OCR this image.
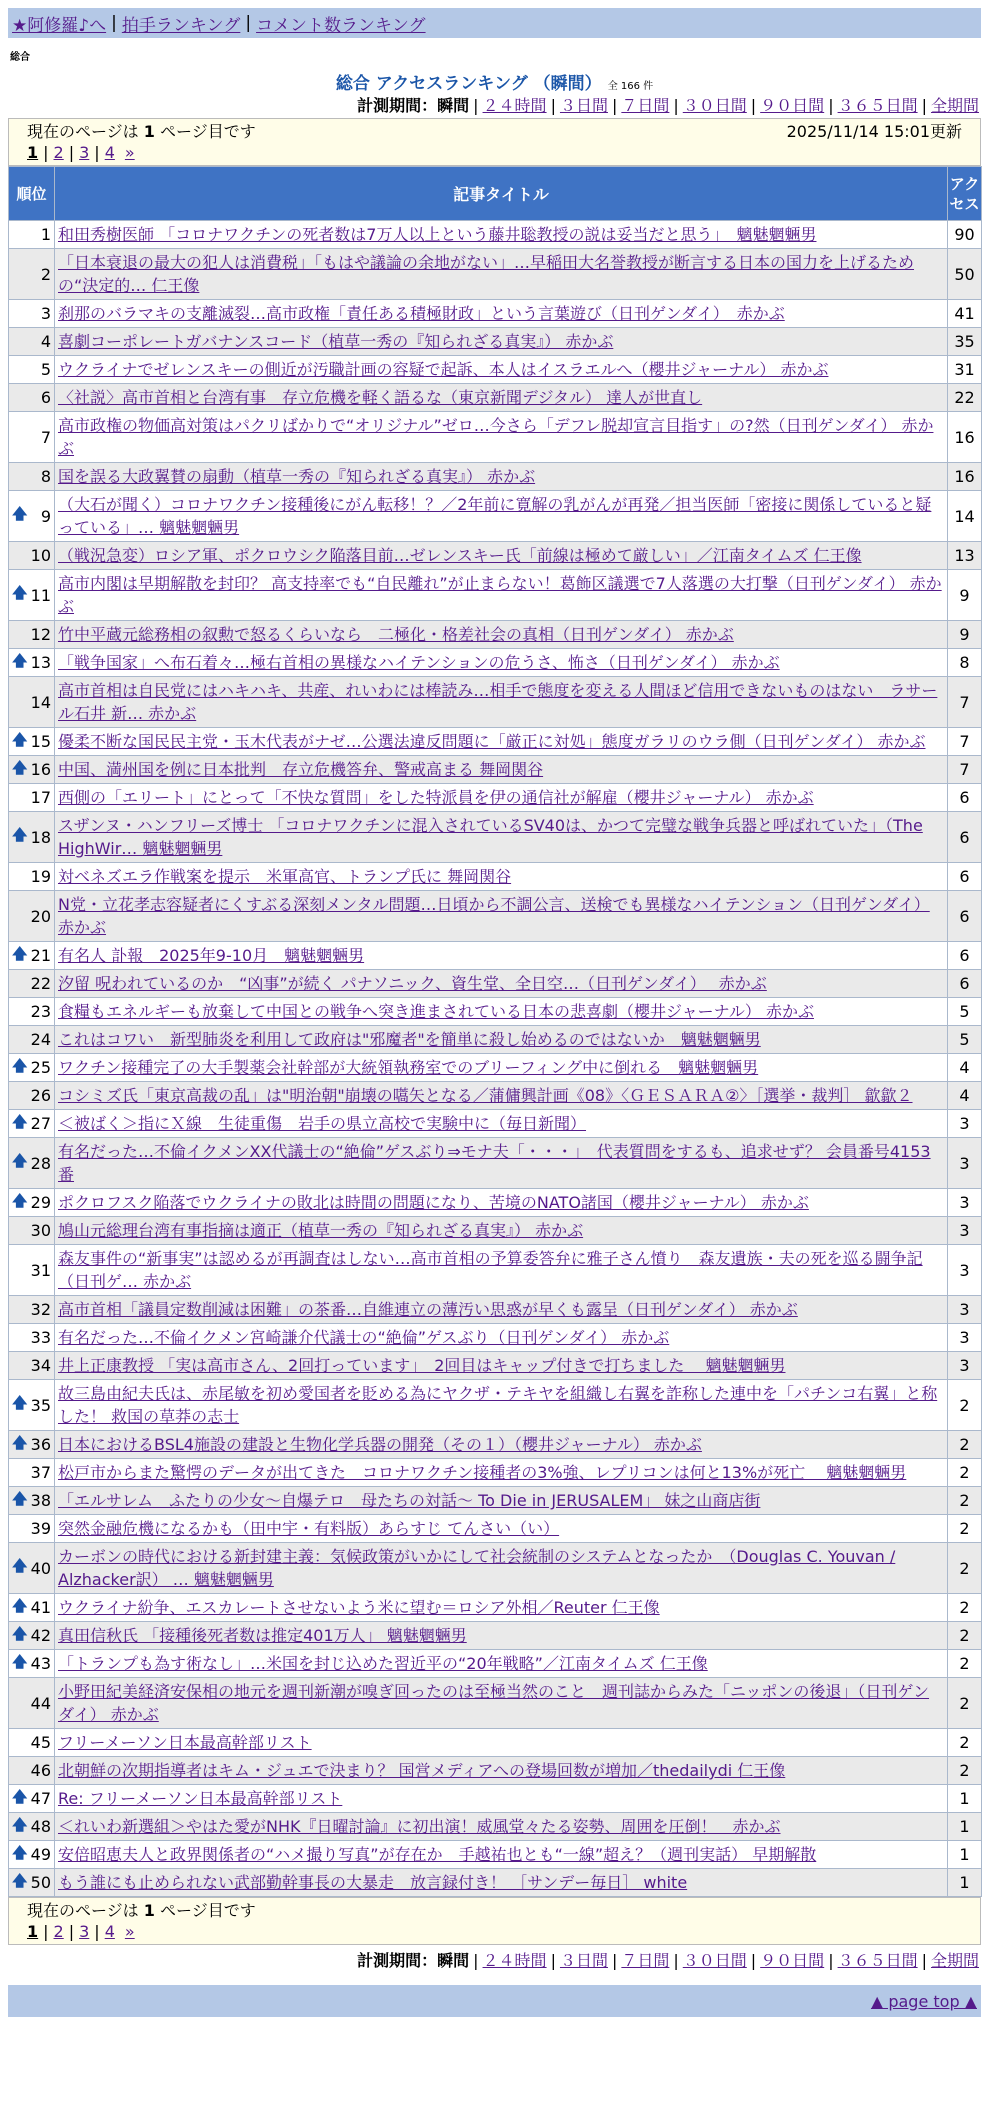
★阿修羅♪へ | 拍手ランキング | コメント数ランキング
総合
総合 アクセスランキング （瞬間） 全 166 件
計測期間：瞬間 | ２４時間 | ３日間 | ７日間 | ３０日間 | ９０日間 | ３６５日間 | 全期間
現在のページは 1 ページ目です	2025/11/14 15:01更新
1 | 2 | 3 | 4 »
順位	記事タイトル	アクセス
1	和田秀樹医師 「コロナワクチンの死者数は7万人以上という藤井聡教授の説は妥当だと思う」　魑魅魍魎男	90
2	「日本衰退の最大の犯人は消費税」「もはや議論の余地がない」…早稲田大名誉教授が断言する日本の国力を上げるための“決定的… 仁王像	50
3	刹那のバラマキの支離滅裂…高市政権「責任ある積極財政」という言葉遊び（日刊ゲンダイ）　赤かぶ	41
4	喜劇コーポレートガバナンスコード（植草一秀の『知られざる真実』） 赤かぶ	35
5	ウクライナでゼレンスキーの側近が汚職計画の容疑で起訴、本人はイスラエルへ（櫻井ジャーナル） 赤かぶ	31
6	〈社説〉高市首相と台湾有事　存立危機を軽く語るな（東京新聞デジタル） 達人が世直し	22
7	高市政権の物価高対策はパクリばかりで“オリジナル”ゼロ…今さら「デフレ脱却宣言目指す」の?然（日刊ゲンダイ） 赤かぶ	16
8	国を誤る大政翼賛の扇動（植草一秀の『知られざる真実』） 赤かぶ	16

🡅 9	（大石が聞く）コロナワクチン接種後にがん転移！？／2年前に寛解の乳がんが再発／担当医師「密接に関係していると疑っている」… 魑魅魍魎男	14
10	（戦況急変）ロシア軍、ポクロウシク陥落目前…ゼレンスキー氏「前線は極めて厳しい」／江南タイムズ 仁王像	13

🡅 11	高市内閣は早期解散を封印？ 高支持率でも“自民離れ”が止まらない！葛飾区議選で7人落選の大打撃（日刊ゲンダイ） 赤かぶ	9
12	竹中平蔵元総務相の叙勲で怒るくらいなら　二極化・格差社会の真相（日刊ゲンダイ） 赤かぶ	9

🡅 13	「戦争国家」へ布石着々…極右首相の異様なハイテンションの危うさ、怖さ（日刊ゲンダイ） 赤かぶ	8
14	高市首相は自民党にはハキハキ、共産、れいわには棒読み…相手で態度を変える人間ほど信用できないものはない　ラサール石井 新… 赤かぶ	7

🡅 15	優柔不断な国民民主党・玉木代表がナゼ…公選法違反問題に「厳正に対処」態度ガラリのウラ側（日刊ゲンダイ） 赤かぶ	7

🡅 16	中国、満州国を例に日本批判　存立危機答弁、警戒高まる 舞岡関谷	7
17	西側の「エリート」にとって「不快な質問」をした特派員を伊の通信社が解雇（櫻井ジャーナル） 赤かぶ	6

🡅 18	スザンヌ・ハンフリーズ博士 「コロナワクチンに混入されているSV40は、かつて完璧な戦争兵器と呼ばれていた」（The HighWir… 魑魅魍魎男	6
19	対ベネズエラ作戦案を提示　米軍高官、トランプ氏に 舞岡関谷	6
20	N党・立花孝志容疑者にくすぶる深刻メンタル問題…日頃から不調公言、送検でも異様なハイテンション（日刊ゲンダイ） 赤かぶ	6

🡅 21	有名人 訃報　2025年9-10月　魑魅魍魎男	6
22	汐留 呪われているのか　“凶事”が続く パナソニック、資生堂、全日空…（日刊ゲンダイ）　 赤かぶ	6
23	食糧もエネルギーも放棄して中国との戦争へ突き進まされている日本の悲喜劇（櫻井ジャーナル） 赤かぶ	5
24	これはコワい　新型肺炎を利用して政府は"邪魔者"を簡単に殺し始めるのではないか　魑魅魍魎男	5

🡅 25	ワクチン接種完了の大手製薬会社幹部が大統領執務室でのブリーフィング中に倒れる　魑魅魍魎男	4
26	コシミズ氏「東京高裁の乱」は"明治朝"崩壊の嚆矢となる／蒲傭興計画《08》〈ＧＥＳＡＲＡ②〉［選挙・裁判］ 歙歙２	4

🡅 27	＜被ばく＞指にＸ線　生徒重傷　岩手の県立高校で実験中に（毎日新聞）	3

🡅 28	有名だった…不倫イクメンXX代議士の“絶倫”ゲスぶり⇒モナ夫「・・・」　代表質問をするも、追求せず？ 会員番号4153番	3

🡅 29	ポクロフスク陥落でウクライナの敗北は時間の問題になり、苦境のNATO諸国（櫻井ジャーナル） 赤かぶ	3
30	鳩山元総理台湾有事指摘は適正（植草一秀の『知られざる真実』） 赤かぶ	3
31	森友事件の“新事実”は認めるが再調査はしない…高市首相の予算委答弁に雅子さん憤り　森友遺族・夫の死を巡る闘争記（日刊ゲ… 赤かぶ	3
32	高市首相「議員定数削減は困難」の茶番…自維連立の薄汚い思惑が早くも露呈（日刊ゲンダイ） 赤かぶ	3
33	有名だった…不倫イクメン宮崎謙介代議士の“絶倫”ゲスぶり（日刊ゲンダイ） 赤かぶ	3
34	井上正康教授 「実は高市さん、2回打っています」　2回目はキャップ付きで打ちました　 魑魅魍魎男	3

🡅 35	故三島由紀夫氏は、赤尾敏を初め愛国者を貶める為にヤクザ・テキヤを組織し右翼を詐称した連中を「パチンコ右翼」と称した！ 救国の草莽の志士	2

🡅 36	日本におけるBSL4施設の建設と生物化学兵器の開発（その１）（櫻井ジャーナル） 赤かぶ	2
37	松戸市からまた驚愕のデータが出てきた　コロナワクチン接種者の3%強、レプリコンは何と13%が死亡　 魑魅魍魎男	2

🡅 38	「エルサレム　ふたりの少女～自爆テロ　母たちの対話～ To Die in JERUSALEM」 妹之山商店街	2
39	突然金融危機になるかも（田中宇・有料版）あらすじ てんさい（い）	2

🡅 40	カーボンの時代における新封建主義：気候政策がいかにして社会統制のシステムとなったか　（Douglas C. Youvan / Alzhacker訳） … 魑魅魍魎男	2

🡅 41	ウクライナ紛争、エスカレートさせないよう米に望む＝ロシア外相／Reuter 仁王像	2

🡅 42	真田信秋氏 「接種後死者数は推定401万人」 魑魅魍魎男	2

🡅 43	「トランプも為す術なし」…米国を封じ込めた習近平の“20年戦略”／江南タイムズ 仁王像	2
44	小野田紀美経済安保相の地元を週刊新潮が嗅ぎ回ったのは至極当然のこと　週刊誌からみた「ニッポンの後退」（日刊ゲンダイ） 赤かぶ	2
45	フリーメーソン日本最高幹部リスト	2
46	北朝鮮の次期指導者はキム・ジュエで決まり？ 国営メディアへの登場回数が増加／thedailydi 仁王像	2

🡅 47	Re: フリーメーソン日本最高幹部リスト	1

🡅 48	＜れいわ新選組＞やはた愛がNHK『日曜討論』に初出演！威風堂々たる姿勢、周囲を圧倒！　赤かぶ	1

🡅 49	安倍昭恵夫人と政界関係者の“ハメ撮り写真”が存在か　手越祐也とも“一線”超え？（週刊実話） 早期解散	1

🡅 50	もう誰にも止められない武部勤幹事長の大暴走　放言録付き！ ［サンデー毎日］ white	1
現在のページは 1 ページ目です
1 | 2 | 3 | 4 »
計測期間：瞬間 | ２４時間 | ３日間 | ７日間 | ３０日間 | ９０日間 | ３６５日間 | 全期間
▲ page top ▲
